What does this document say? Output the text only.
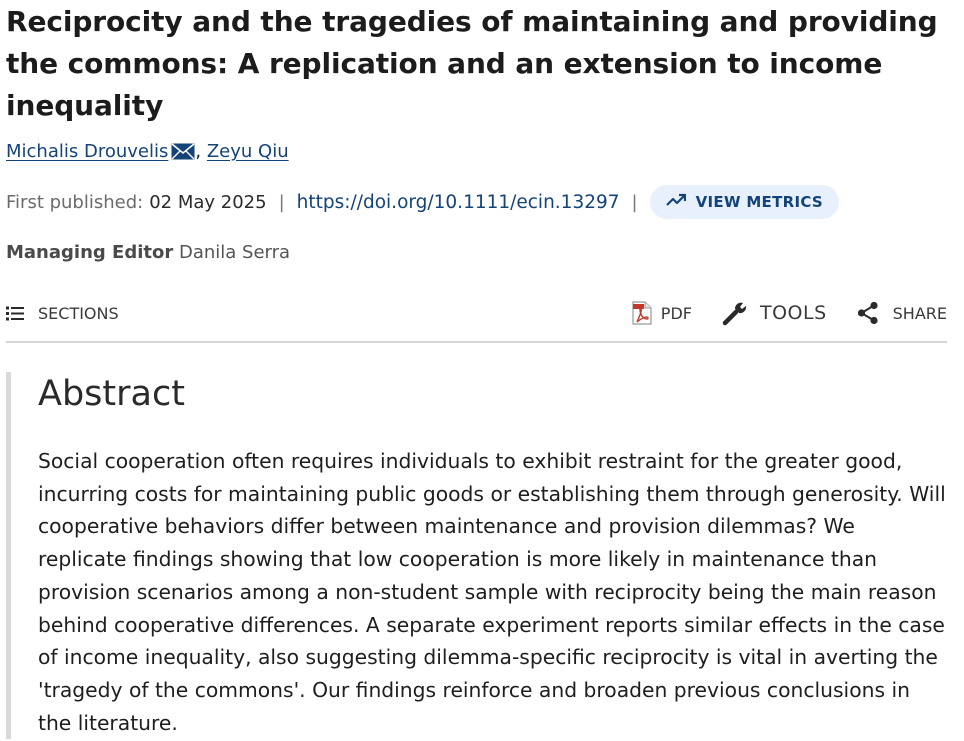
Reciprocity and the tragedies of maintaining and providing the commons: A replication and an extension to income inequality
Michalis Drouvelis , Zeyu Qiu
First published: 02 May 2025 | https://doi.org/10.1111/ecin.13297 |	VIEW METRICS
Managing Editor Danila Serra
SECTIONS	PDF	TOOLS	SHARE
Abstract

Social cooperation often requires individuals to exhibit restraint for the greater good, incurring costs for maintaining public goods or establishing them through generosity. Will cooperative behaviors differ between maintenance and provision dilemmas? We replicate findings showing that low cooperation is more likely in maintenance than provision scenarios among a non-student sample with reciprocity being the main reason behind cooperative differences. A separate experiment reports similar effects in the case of income inequality, also suggesting dilemma-specific reciprocity is vital in averting the 'tragedy of the commons'. Our findings reinforce and broaden previous conclusions in the literature.
